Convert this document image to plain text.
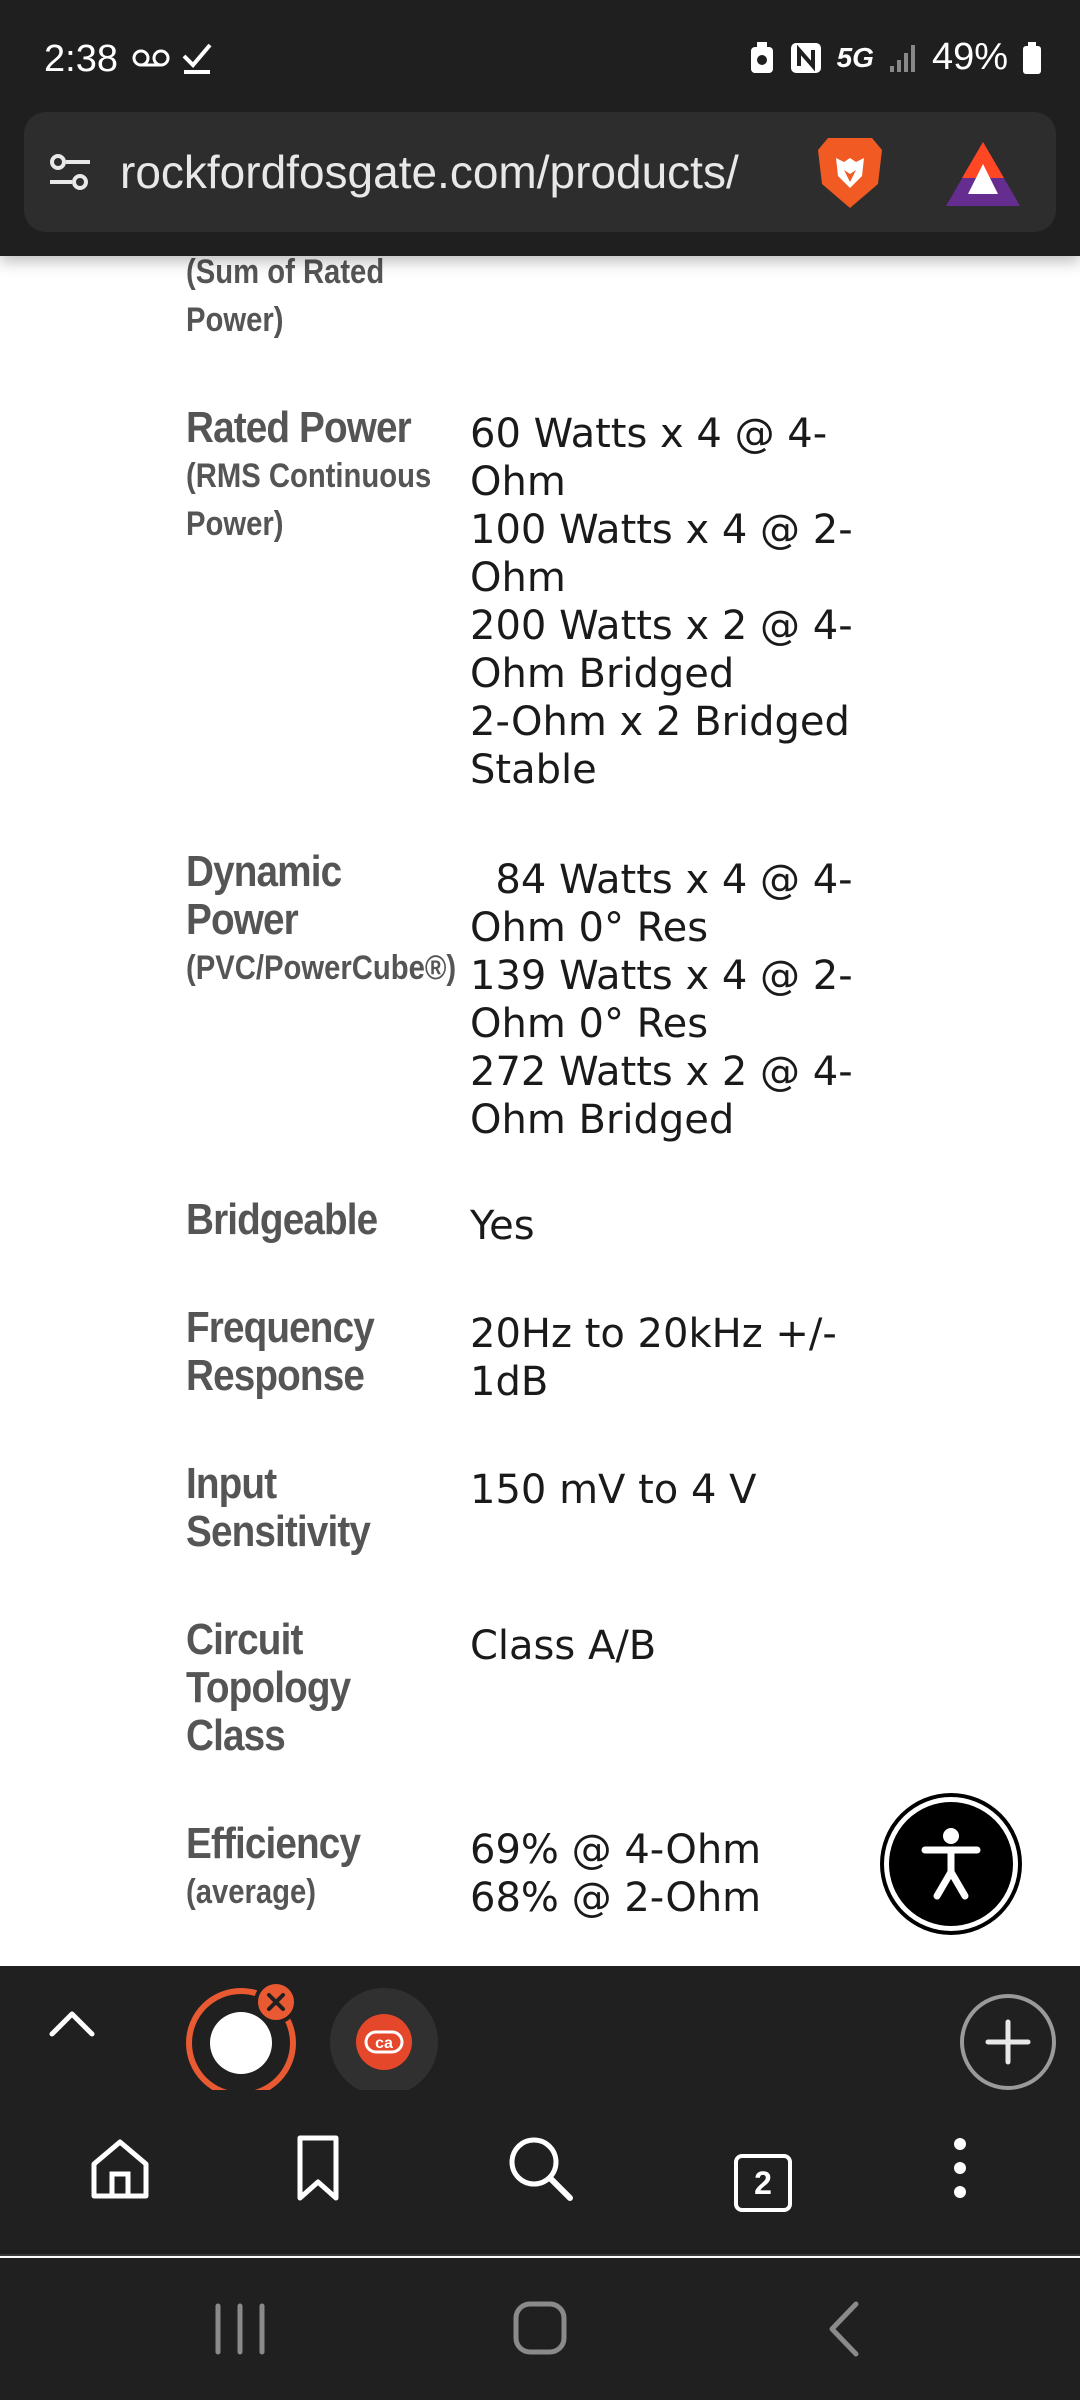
2:38	5G 49%
rockfordfosgate.com/products/
(Sum of Rated
Power)
Rated Power
(RMS Continuous
Power)
60 Watts x 4 @ 4-
Ohm
100 Watts x 4 @ 2-
Ohm
200 Watts x 2 @ 4-
Ohm Bridged
2-Ohm x 2 Bridged
Stable
Dynamic
Power
(PVC/PowerCube®)
84 Watts x 4 @ 4-
Ohm 0° Res
139 Watts x 4 @ 2-
Ohm 0° Res
272 Watts x 2 @ 4-
Ohm Bridged
Bridgeable	Yes
Frequency
Response
20Hz to 20kHz +/-
1dB
Input
Sensitivity
150 mV to 4 V
Circuit
Topology
Class
Class A/B
Efficiency
(average)
69% @ 4-Ohm
68% @ 2-Ohm
ca
2
